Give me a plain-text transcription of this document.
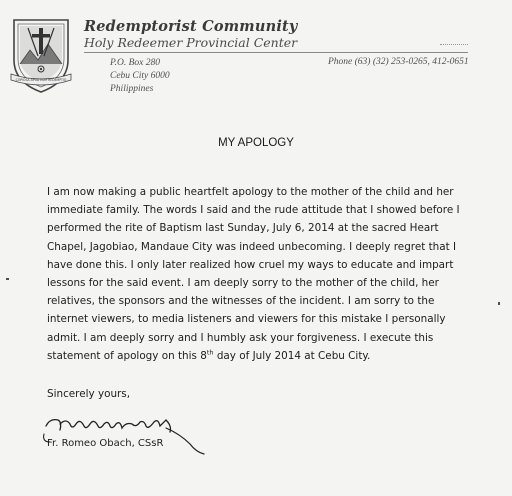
COPIOSA APUD EUM REDEMPTIO
Redemptorist Community
Holy Redeemer Provincial Center
P.O. Box 280
Cebu City 6000
Philippines
Phone (63) (32) 253-0265, 412-0651
MY APOLOGY
I am now making a public heartfelt apology to the mother of the child and her
immediate family. The words I said and the rude attitude that I showed before I
performed the rite of Baptism last Sunday, July 6, 2014 at the sacred Heart
Chapel, Jagobiao, Mandaue City was indeed unbecoming. I deeply regret that I
have done this. I only later realized how cruel my ways to educate and impart
lessons for the said event. I am deeply sorry to the mother of the child, her
relatives, the sponsors and the witnesses of the incident. I am sorry to the
internet viewers, to media listeners and viewers for this mistake I personally
admit. I am deeply sorry and I humbly ask your forgiveness. I execute this
statement of apology on this 8th day of July 2014 at Cebu City.
Sincerely yours,
Fr. Romeo Obach, CSsR
